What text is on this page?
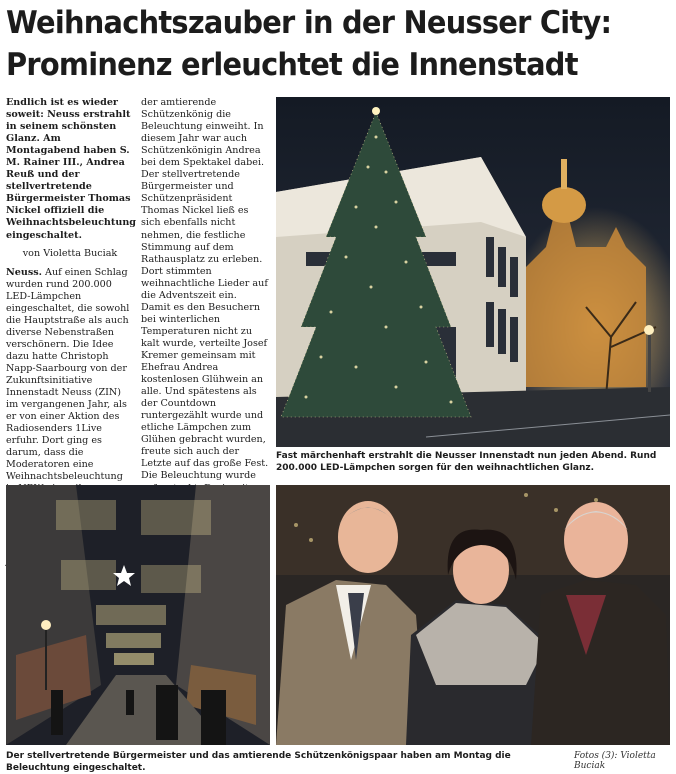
Weihnachtszauber in der Neusser City:
Prominenz erleuchtet die Innenstadt

Endlich ist es wieder soweit: Neuss erstrahlt in seinem schönsten Glanz. Am Montagabend haben S. M. Rainer III., Andrea Reuß und der stellvertretende Bürgermeister Thomas Nickel offiziell die Weihnachtsbeleuchtung eingeschaltet.

von Violetta Buciak

Neuss. Auf einen Schlag wurden rund 200.000 LED-Lämpchen eingeschaltet, die sowohl die Hauptstraße als auch diverse Nebenstraßen verschönern. Die Idee dazu hatte Christoph Napp-Saarbourg von der Zukunftsinitiative Innenstadt Neuss (ZIN) im vergangenen Jahr, als er von einer Aktion des Radiosenders 1Live erfuhr. Dort ging es darum, dass die Moderatoren eine Weihnachtsbeleuchtung

der amtierende Schützenkönig die Beleuchtung einweiht. In diesem Jahr war auch Schützenkönigin Andrea bei dem Spektakel dabei. Der stellvertretende Bürgermeister und Schützenpräsident Thomas Nickel ließ es sich ebenfalls nicht nehmen, die festliche Stimmung auf dem Rathausplatz zu erleben. Dort stimmten weihnachtliche Lieder auf die Adventszeit ein. Damit es den Besuchern bei winterlichen Temperaturen nicht zu kalt wurde, verteilte Josef Kremer gemeinsam mit Ehefrau Andrea kostenlosen Glühwein an alle. Und spätestens als der Countdown runtergezählt wurde und etliche Lämpchen zum Glühen gebracht wurden, freute sich auch der Letzte auf das große Fest. Die Beleuchtung wurde

Fast märchenhaft erstrahlt die Neusser Innenstadt nun jeden Abend. Rund 200.000 LED-Lämpchen sorgen für den weihnachtlichen Glanz.
Der stellvertretende Bürgermeister und das amtierende Schützenkönigspaar haben am Montag die Beleuchtung eingeschaltet.
Fotos (3): Violetta Buciak
